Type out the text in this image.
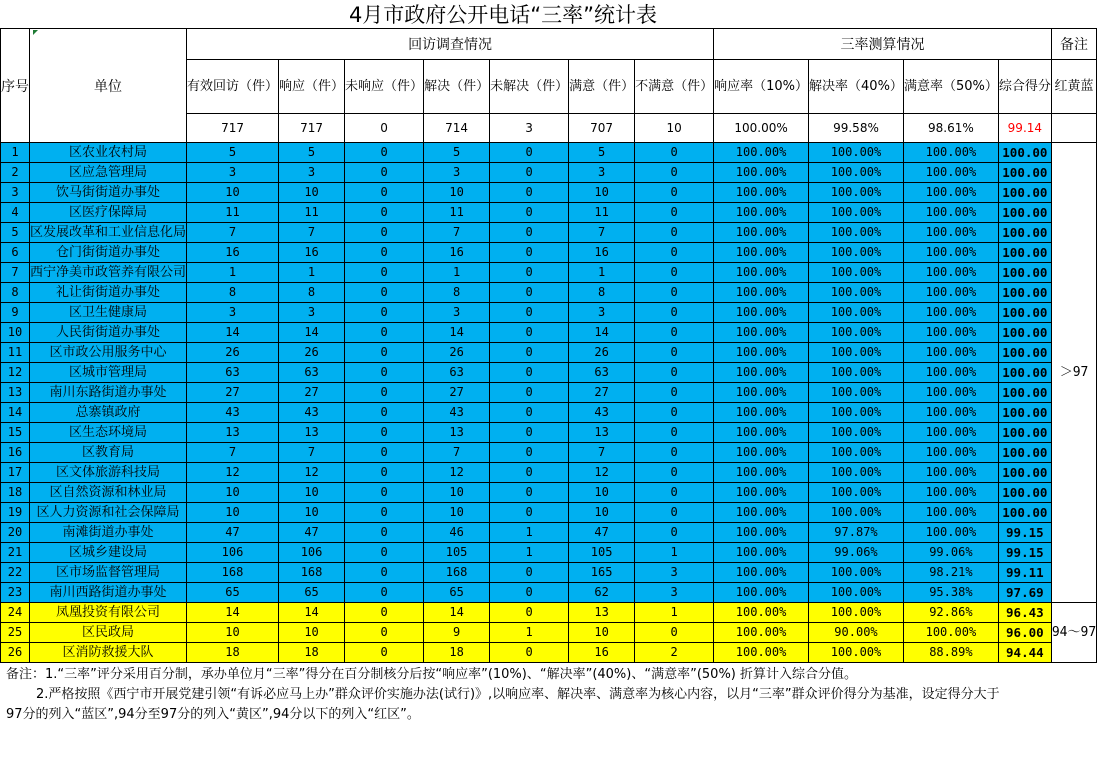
4月市政府公开电话“三率”统计表
序号	单位	回访调查情况							三率测算情况				备注
		有效回访（件）	响应（件）	未响应（件）	解决（件）	未解决（件）	满意（件）	不满意（件）	响应率（10%）	解决率（40%）	满意率（50%）	综合得分	红黄蓝
		717	717	0	714	3	707	10	100.00%	99.58%	98.61%	99.14	
1	区农业农村局	5	5	0	5	0	5	0	100.00%	100.00%	100.00%	100.00	＞97
2	区应急管理局	3	3	0	3	0	3	0	100.00%	100.00%	100.00%	100.00	
3	饮马街街道办事处	10	10	0	10	0	10	0	100.00%	100.00%	100.00%	100.00	
4	区医疗保障局	11	11	0	11	0	11	0	100.00%	100.00%	100.00%	100.00	
5	区发展改革和工业信息化局	7	7	0	7	0	7	0	100.00%	100.00%	100.00%	100.00	
6	仓门街街道办事处	16	16	0	16	0	16	0	100.00%	100.00%	100.00%	100.00	
7	西宁净美市政管养有限公司	1	1	0	1	0	1	0	100.00%	100.00%	100.00%	100.00	
8	礼让街街道办事处	8	8	0	8	0	8	0	100.00%	100.00%	100.00%	100.00	
9	区卫生健康局	3	3	0	3	0	3	0	100.00%	100.00%	100.00%	100.00	
10	人民街街道办事处	14	14	0	14	0	14	0	100.00%	100.00%	100.00%	100.00	
11	区市政公用服务中心	26	26	0	26	0	26	0	100.00%	100.00%	100.00%	100.00	
12	区城市管理局	63	63	0	63	0	63	0	100.00%	100.00%	100.00%	100.00	
13	南川东路街道办事处	27	27	0	27	0	27	0	100.00%	100.00%	100.00%	100.00	
14	总寨镇政府	43	43	0	43	0	43	0	100.00%	100.00%	100.00%	100.00	
15	区生态环境局	13	13	0	13	0	13	0	100.00%	100.00%	100.00%	100.00	
16	区教育局	7	7	0	7	0	7	0	100.00%	100.00%	100.00%	100.00	
17	区文体旅游科技局	12	12	0	12	0	12	0	100.00%	100.00%	100.00%	100.00	
18	区自然资源和林业局	10	10	0	10	0	10	0	100.00%	100.00%	100.00%	100.00	
19	区人力资源和社会保障局	10	10	0	10	0	10	0	100.00%	100.00%	100.00%	100.00	
20	南滩街道办事处	47	47	0	46	1	47	0	100.00%	97.87%	100.00%	99.15	
21	区城乡建设局	106	106	0	105	1	105	1	100.00%	99.06%	99.06%	99.15	
22	区市场监督管理局	168	168	0	168	0	165	3	100.00%	100.00%	98.21%	99.11	
23	南川西路街道办事处	65	65	0	65	0	62	3	100.00%	100.00%	95.38%	97.69	
24	凤凰投资有限公司	14	14	0	14	0	13	1	100.00%	100.00%	92.86%	96.43	94～97
25	区民政局	10	10	0	9	1	10	0	100.00%	90.00%	100.00%	96.00	
26	区消防救援大队	18	18	0	18	0	16	2	100.00%	100.00%	88.89%	94.44	

备注：1.“三率”评分采用百分制，承办单位月“三率”得分在百分制核分后按“响应率”(10%)、“解决率”(40%)、“满意率”(50%) 折算计入综合分值。

2.严格按照《西宁市开展党建引领“有诉必应马上办”群众评价实施办法(试行)》,以响应率、解决率、满意率为核心内容，以月“三率”群众评价得分为基准，设定得分大于97分的列入“蓝区”,94分至97分的列入“黄区”,94分以下的列入“红区”。
